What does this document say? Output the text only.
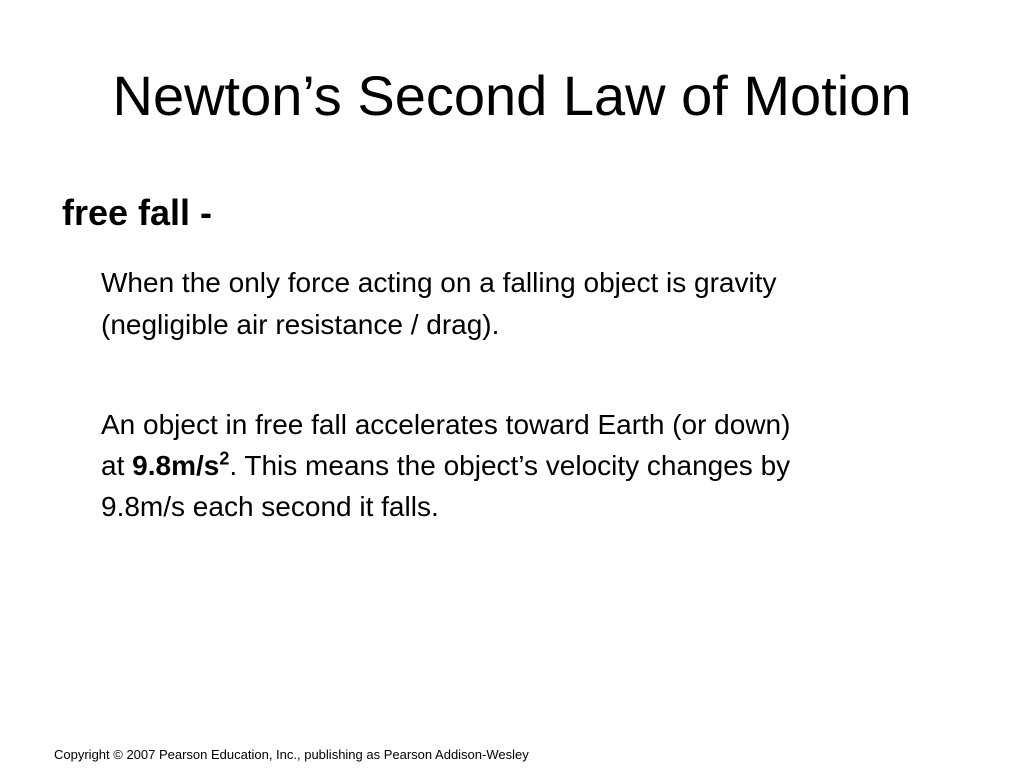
Newton’s Second Law of Motion
free fall -

When the only force acting on a falling object is gravity
(negligible air resistance / drag).

An object in free fall accelerates toward Earth (or down)
at $9.8m/s^2$. This means the object’s velocity changes by
9.8m/s each second it falls.

Copyright © 2007 Pearson Education, Inc., publishing as Pearson Addison-Wesley
